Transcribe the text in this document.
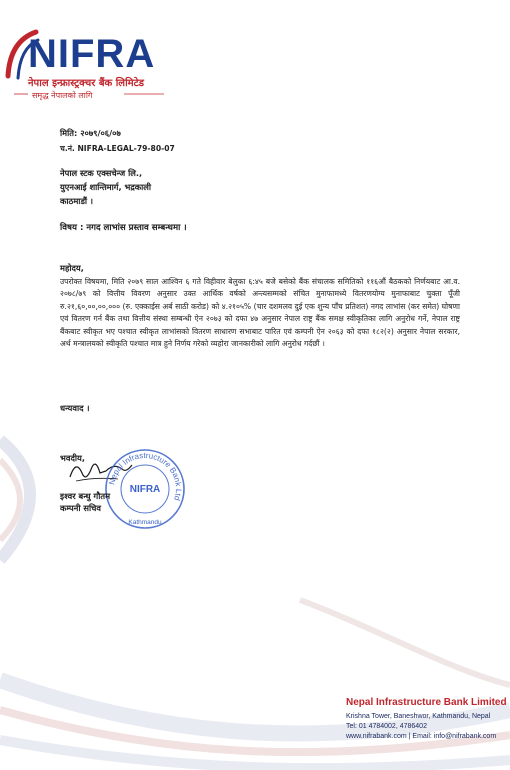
NIFRA
नेपाल इन्फ्रास्ट्रक्चर बैंक लिमिटेड
समृद्ध नेपालको लागि
मिति: २०७९/०६/०७
च.नं. NIFRA-LEGAL-79-80-07
नेपाल स्टक एक्सचेन्ज लि.,
युएनआई शान्तिमार्ग, भद्रकाली
काठमाडौं ।
विषय : नगद लाभांस प्रस्ताव सम्बन्धमा ।
महोदय,
उपरोक्त विषयमा, मिति २०७९ साल आश्विन ६ गते विहीवार बेलुका ६:४५ बजे बसेको बैंक संचालक समितिको ११६औं बैठकको निर्णयबाट आ.व. २०७८/७९ को वित्तीय विवरण अनुसार उक्त आर्थिक वर्षको अन्त्यसम्मको संचित मुनाफामध्ये वितरणयोग्य मुनाफाबाट चुक्ता पूँजी रु.२१,६०,००,००,००० (रु. एक्काईस अर्ब साठी करोड) को ४.२१०५% (चार दशमलव दुई एक शुन्य पाँच प्रतिशत) नगद लाभांस (कर समेत) घोषणा एवं वितरण गर्न बैंक तथा वित्तीय संस्था सम्बन्धी ऐन २०७३ को दफा ४७ अनुसार नेपाल राष्ट्र बैंक समक्ष स्वीकृतिका लागि अनुरोध गर्ने, नेपाल राष्ट्र बैंकबाट स्वीकृत भए पश्चात स्वीकृत लाभांसको वितरण साधारण सभाबाट पारित एवं कम्पनी ऐन २०६३ को दफा १८२(२) अनुसार नेपाल सरकार, अर्थ मन्त्रालयको स्वीकृति पश्चात मात्र हुने निर्णय गरेको व्यहोरा जानकारीको लागि अनुरोध गर्दछौं ।
धन्यवाद ।
भवदीय,
Nepal Infrastructure Bank Ltd
NIFRA
Kathmandu
इश्वर बन्धु गौतम
कम्पनी सचिव
Nepal Infrastructure Bank Limited
Krishna Tower, Baneshwor, Kathmandu, Nepal
Tel: 01 4784002, 4786402
www.nifrabank.com | Email: info@nifrabank.com
